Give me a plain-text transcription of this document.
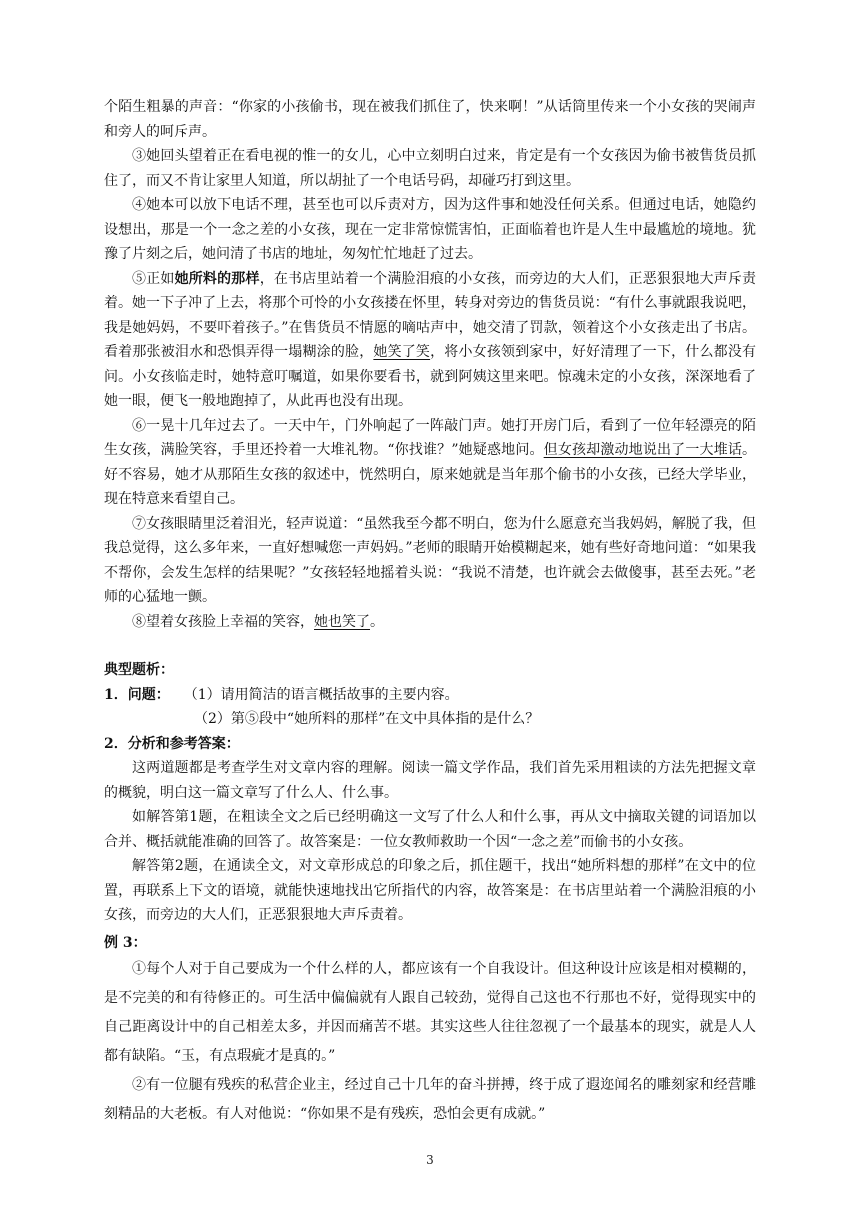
个陌生粗暴的声音：“你家的小孩偷书，现在被我们抓住了，快来啊！”从话筒里传来一个小女孩的哭闹声和旁人的呵斥声。

③她回头望着正在看电视的惟一的女儿，心中立刻明白过来，肯定是有一个女孩因为偷书被售货员抓住了，而又不肯让家里人知道，所以胡扯了一个电话号码，却碰巧打到这里。

④她本可以放下电话不理，甚至也可以斥责对方，因为这件事和她没任何关系。但通过电话，她隐约设想出，那是一个一念之差的小女孩，现在一定非常惊慌害怕，正面临着也许是人生中最尴尬的境地。犹豫了片刻之后，她问清了书店的地址，匆匆忙忙地赶了过去。

⑤正如她所料的那样，在书店里站着一个满脸泪痕的小女孩，而旁边的大人们，正恶狠狠地大声斥责着。她一下子冲了上去，将那个可怜的小女孩搂在怀里，转身对旁边的售货员说：“有什么事就跟我说吧，我是她妈妈，不要吓着孩子。”在售货员不情愿的嘀咕声中，她交清了罚款，领着这个小女孩走出了书店。看着那张被泪水和恐惧弄得一塌糊涂的脸，她笑了笑，将小女孩领到家中，好好清理了一下，什么都没有问。小女孩临走时，她特意叮嘱道，如果你要看书，就到阿姨这里来吧。惊魂未定的小女孩，深深地看了她一眼，便飞一般地跑掉了，从此再也没有出现。

⑥一晃十几年过去了。一天中午，门外响起了一阵敲门声。她打开房门后，看到了一位年轻漂亮的陌生女孩，满脸笑容，手里还拎着一大堆礼物。“你找谁？”她疑惑地问。但女孩却激动地说出了一大堆话。好不容易，她才从那陌生女孩的叙述中，恍然明白，原来她就是当年那个偷书的小女孩，已经大学毕业，现在特意来看望自己。

⑦女孩眼睛里泛着泪光，轻声说道：“虽然我至今都不明白，您为什么愿意充当我妈妈，解脱了我，但我总觉得，这么多年来，一直好想喊您一声妈妈。”老师的眼睛开始模糊起来，她有些好奇地问道：“如果我不帮你，会发生怎样的结果呢？”女孩轻轻地摇着头说：“我说不清楚，也许就会去做傻事，甚至去死。”老师的心猛地一颤。

⑧望着女孩脸上幸福的笑容，她也笑了。

典型题析：

1．问题：	（1）请用简洁的语言概括故事的主要内容。

（2）第⑤段中“她所料的那样”在文中具体指的是什么？

2．分析和参考答案：

这两道题都是考查学生对文章内容的理解。阅读一篇文学作品，我们首先采用粗读的方法先把握文章的概貌，明白这一篇文章写了什么人、什么事。

如解答第1题，在粗读全文之后已经明确这一文写了什么人和什么事，再从文中摘取关键的词语加以合并、概括就能准确的回答了。故答案是：一位女教师救助一个因“一念之差”而偷书的小女孩。

解答第2题，在通读全文，对文章形成总的印象之后，抓住题干，找出“她所料想的那样”在文中的位置，再联系上下文的语境，就能快速地找出它所指代的内容，故答案是：在书店里站着一个满脸泪痕的小女孩，而旁边的大人们，正恶狠狠地大声斥责着。

例 3：

①每个人对于自己要成为一个什么样的人，都应该有一个自我设计。但这种设计应该是相对模糊的，是不完美的和有待修正的。可生活中偏偏就有人跟自己较劲，觉得自己这也不行那也不好，觉得现实中的自己距离设计中的自己相差太多，并因而痛苦不堪。其实这些人往往忽视了一个最基本的现实，就是人人都有缺陷。“玉，有点瑕疵才是真的。”

②有一位腿有残疾的私营企业主，经过自己十几年的奋斗拼搏，终于成了遐迩闻名的雕刻家和经营雕刻精品的大老板。有人对他说：“你如果不是有残疾，恐怕会更有成就。”

3
